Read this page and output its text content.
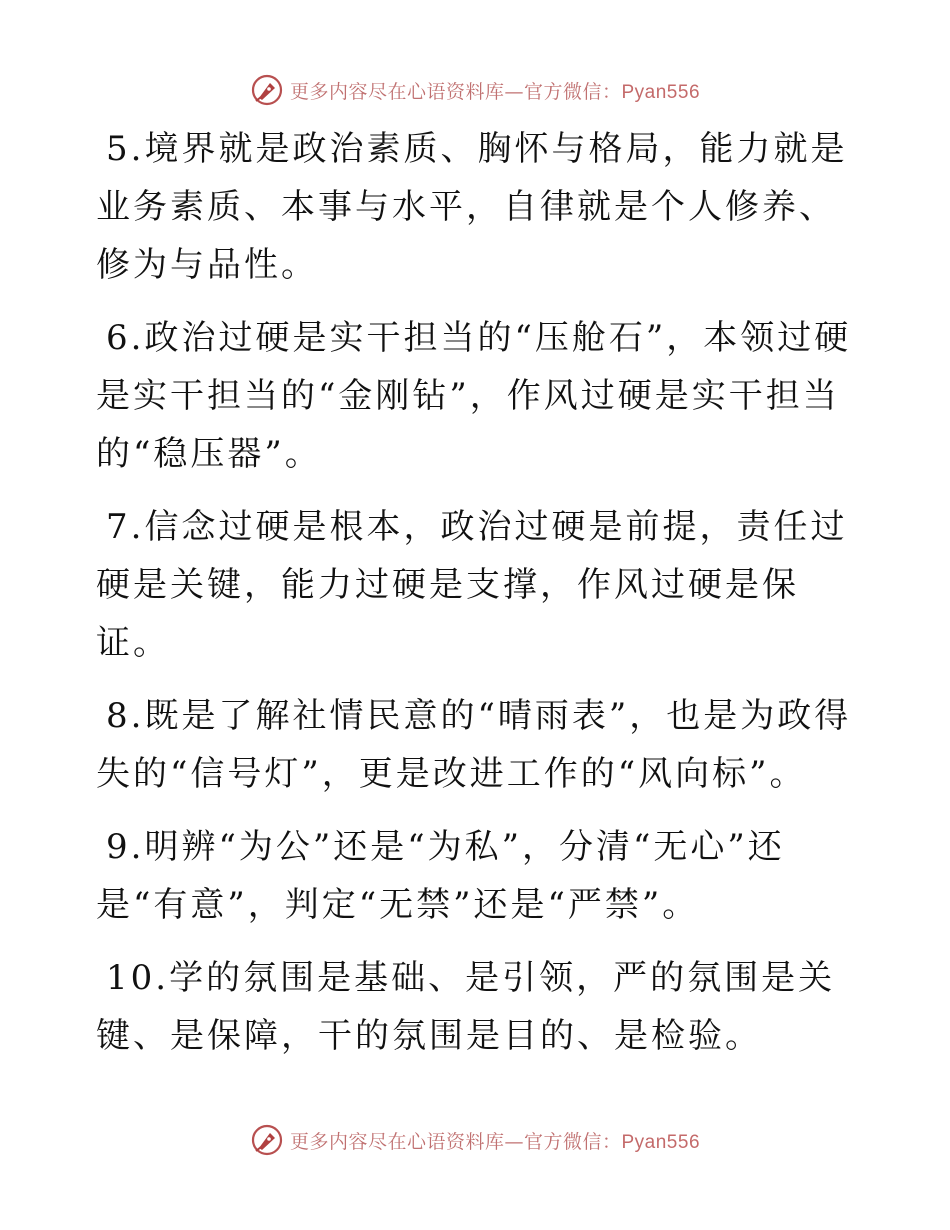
更多内容尽在心语资料库—官方微信：Pyan556

5.境界就是政治素质、胸怀与格局，能力就是业务素质、本事与水平，自律就是个人修养、修为与品性。

6.政治过硬是实干担当的“压舱石”，本领过硬是实干担当的“金刚钻”，作风过硬是实干担当的“稳压器”。

7.信念过硬是根本，政治过硬是前提，责任过硬是关键，能力过硬是支撑，作风过硬是保证。

8.既是了解社情民意的“晴雨表”，也是为政得失的“信号灯”，更是改进工作的“风向标”。

9.明辨“为公”还是“为私”，分清“无心”还是“有意”，判定“无禁”还是“严禁”。

10.学的氛围是基础、是引领，严的氛围是关键、是保障，干的氛围是目的、是检验。

更多内容尽在心语资料库—官方微信：Pyan556
